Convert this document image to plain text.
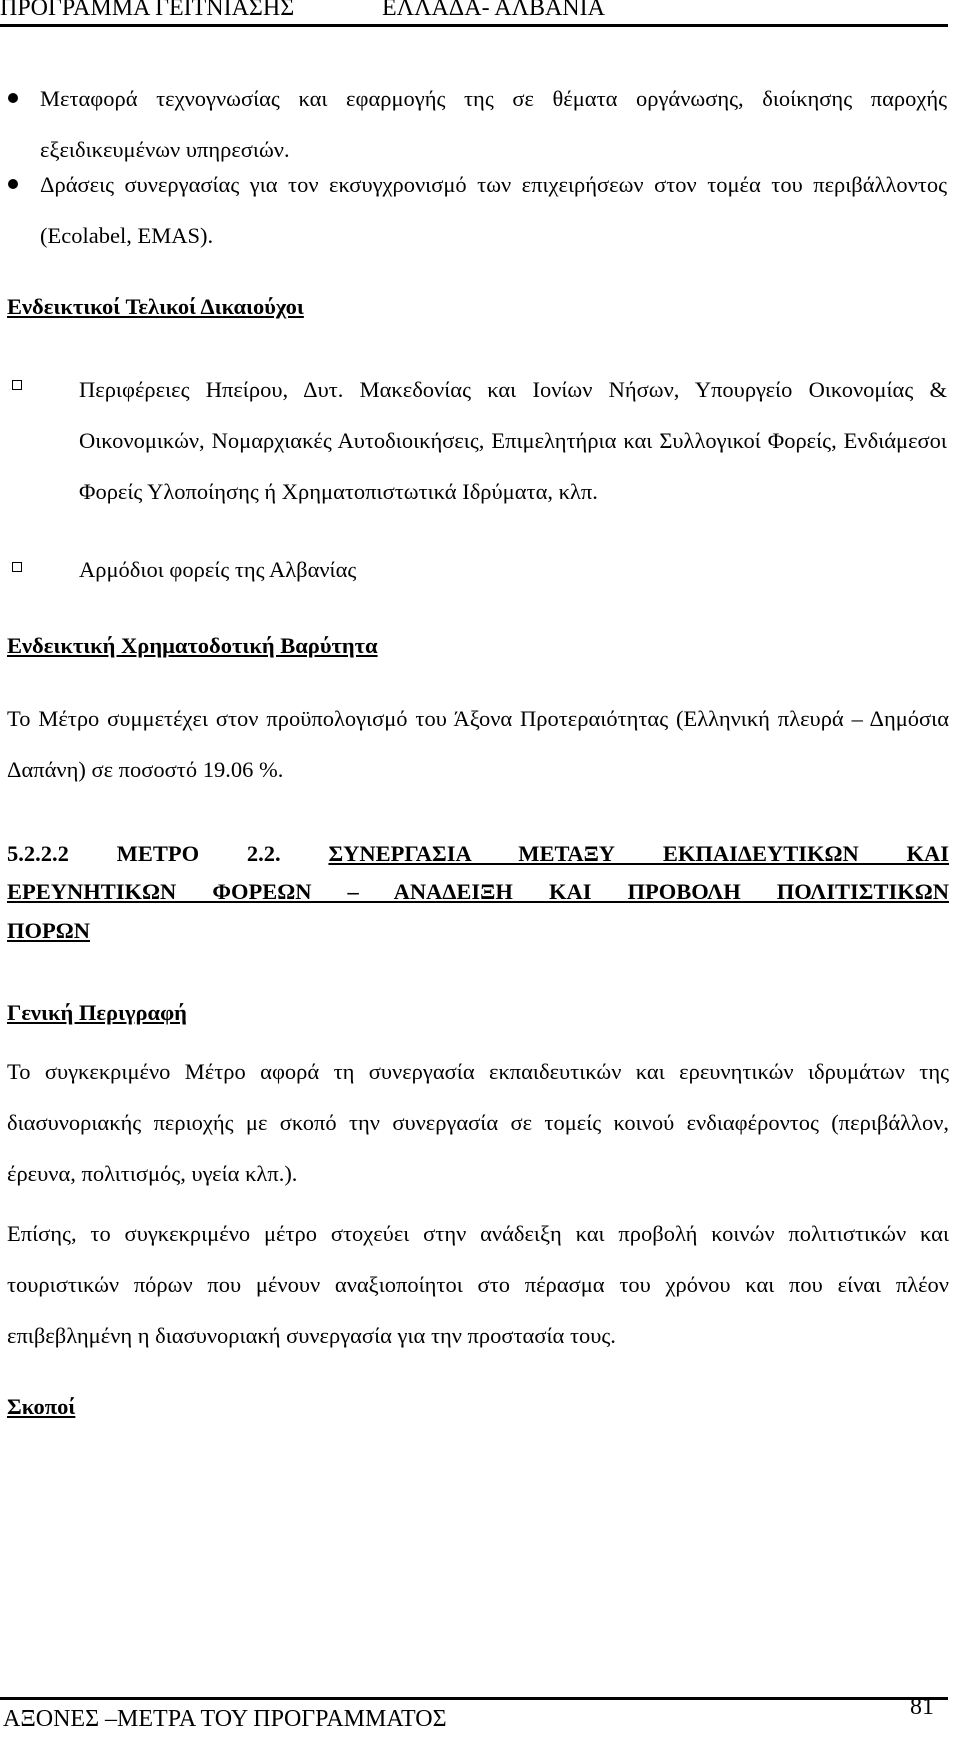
ΠΡΟΓΡΑΜΜΑ ΓΕΙΤΝΙΑΣΗΣ	ΕΛΛΑΔΑ- ΑΛΒΑΝΙΑ
Μεταφορά τεχνογνωσίας και εφαρμογής της σε θέματα οργάνωσης, διοίκησης παροχής εξειδικευμένων υπηρεσιών.
Δράσεις συνεργασίας για τον εκσυγχρονισμό των επιχειρήσεων στον τομέα του περιβάλλοντος (Ecolabel, EMAS).
Ενδεικτικοί Τελικοί Δικαιούχοι
Περιφέρειες Ηπείρου, Δυτ. Μακεδονίας και Ιονίων Νήσων, Υπουργείο Οικονομίας & Οικονομικών, Νομαρχιακές Αυτοδιοικήσεις, Επιμελητήρια και Συλλογικοί Φορείς, Ενδιάμεσοι Φορείς Υλοποίησης ή Χρηματοπιστωτικά Ιδρύματα, κλπ.
Αρμόδιοι φορείς της Αλβανίας
Ενδεικτική Χρηματοδοτική Βαρύτητα
Το Μέτρο συμμετέχει στον προϋπολογισμό του Άξονα Προτεραιότητας (Ελληνική πλευρά – Δημόσια Δαπάνη) σε ποσοστό 19.06 %.
5.2.2.2 ΜΕΤΡΟ 2.2. ΣΥΝΕΡΓΑΣΙΑ ΜΕΤΑΞΥ ΕΚΠΑΙΔΕΥΤΙΚΩΝ ΚΑΙ
ΕΡΕΥΝΗΤΙΚΩΝ ΦΟΡΕΩΝ – ΑΝΑΔΕΙΞΗ ΚΑΙ ΠΡΟΒΟΛΗ ΠΟΛΙΤΙΣΤΙΚΩΝ
ΠΟΡΩΝ
Γενική Περιγραφή
Το συγκεκριμένο Μέτρο αφορά τη συνεργασία εκπαιδευτικών και ερευνητικών ιδρυμάτων της διασυνοριακής περιοχής με σκοπό την συνεργασία σε τομείς κοινού ενδιαφέροντος (περιβάλλον, έρευνα, πολιτισμός, υγεία κλπ.).
Επίσης, το συγκεκριμένο μέτρο στοχεύει στην ανάδειξη και προβολή κοινών πολιτιστικών και τουριστικών πόρων που μένουν αναξιοποίητοι στο πέρασμα του χρόνου και που είναι πλέον επιβεβλημένη η διασυνοριακή συνεργασία για την προστασία τους.
Σκοποί
ΑΞΟΝΕΣ –ΜΕΤΡΑ ΤΟΥ ΠΡΟΓΡΑΜΜΑΤΟΣ	81
